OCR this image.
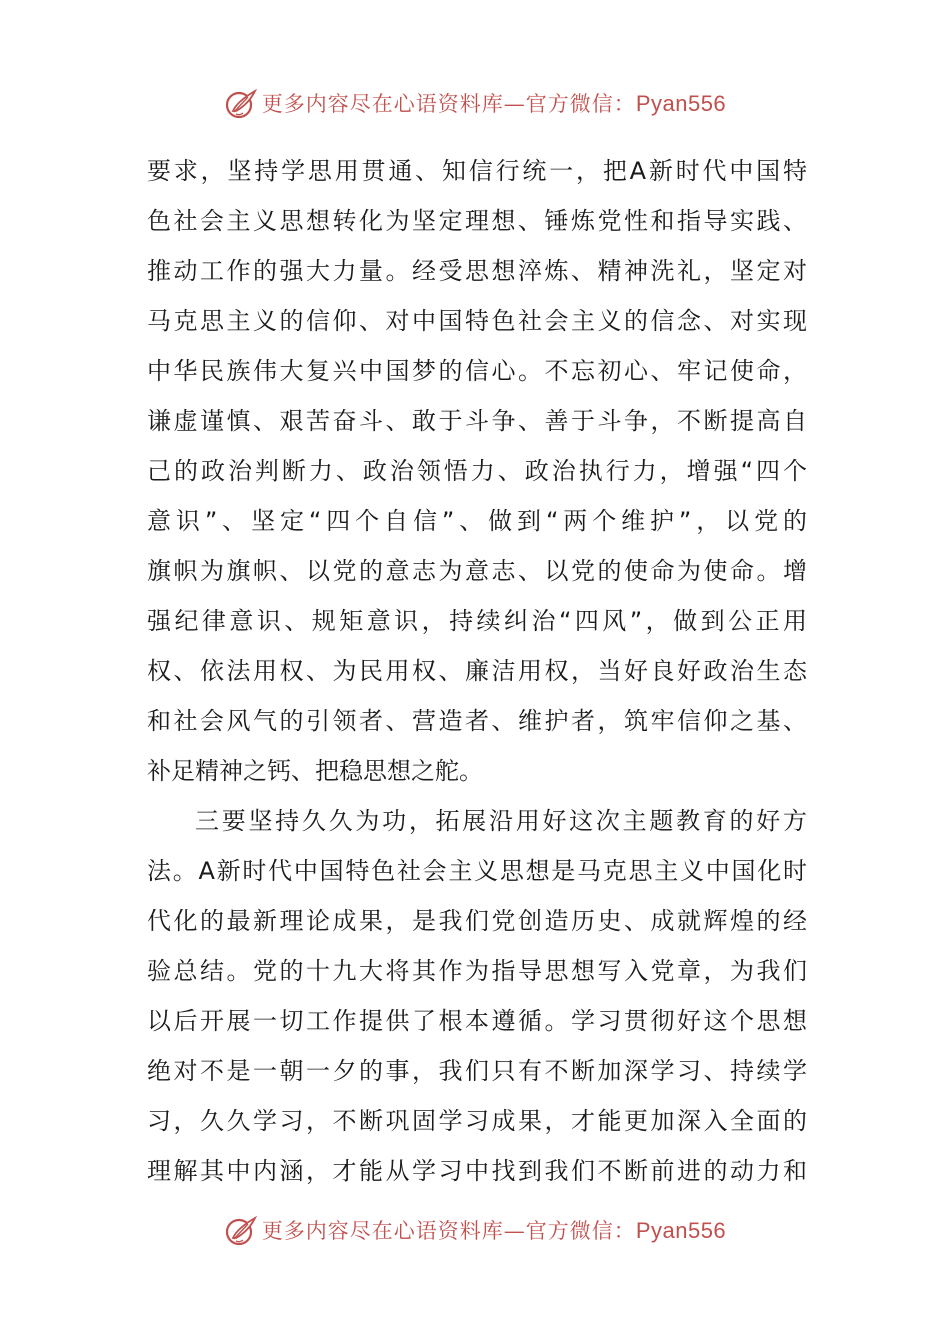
更多内容尽在心语资料库—官方微信： Pyan556
要求，坚持学思用贯通、知信行统一，把A新时代中国特
色社会主义思想转化为坚定理想、锤炼党性和指导实践、
推动工作的强大力量。经受思想淬炼、精神洗礼，坚定对
马克思主义的信仰、对中国特色社会主义的信念、对实现
中华民族伟大复兴中国梦的信心。不忘初心、牢记使命，
谦虚谨慎、艰苦奋斗、敢于斗争、善于斗争，不断提高自
己的政治判断力、政治领悟力、政治执行力，增强“四个
意识”、坚定“四个自信”、做到“两个维护”，以党的
旗帜为旗帜、以党的意志为意志、以党的使命为使命。增
强纪律意识、规矩意识，持续纠治“四风”，做到公正用
权、依法用权、为民用权、廉洁用权，当好良好政治生态
和社会风气的引领者、营造者、维护者，筑牢信仰之基、
补足精神之钙、把稳思想之舵。
三要坚持久久为功，拓展沿用好这次主题教育的好方
法。A新时代中国特色社会主义思想是马克思主义中国化时
代化的最新理论成果，是我们党创造历史、成就辉煌的经
验总结。党的十九大将其作为指导思想写入党章，为我们
以后开展一切工作提供了根本遵循。学习贯彻好这个思想
绝对不是一朝一夕的事，我们只有不断加深学习、持续学
习，久久学习，不断巩固学习成果，才能更加深入全面的
理解其中内涵，才能从学习中找到我们不断前进的动力和
更多内容尽在心语资料库—官方微信： Pyan556
